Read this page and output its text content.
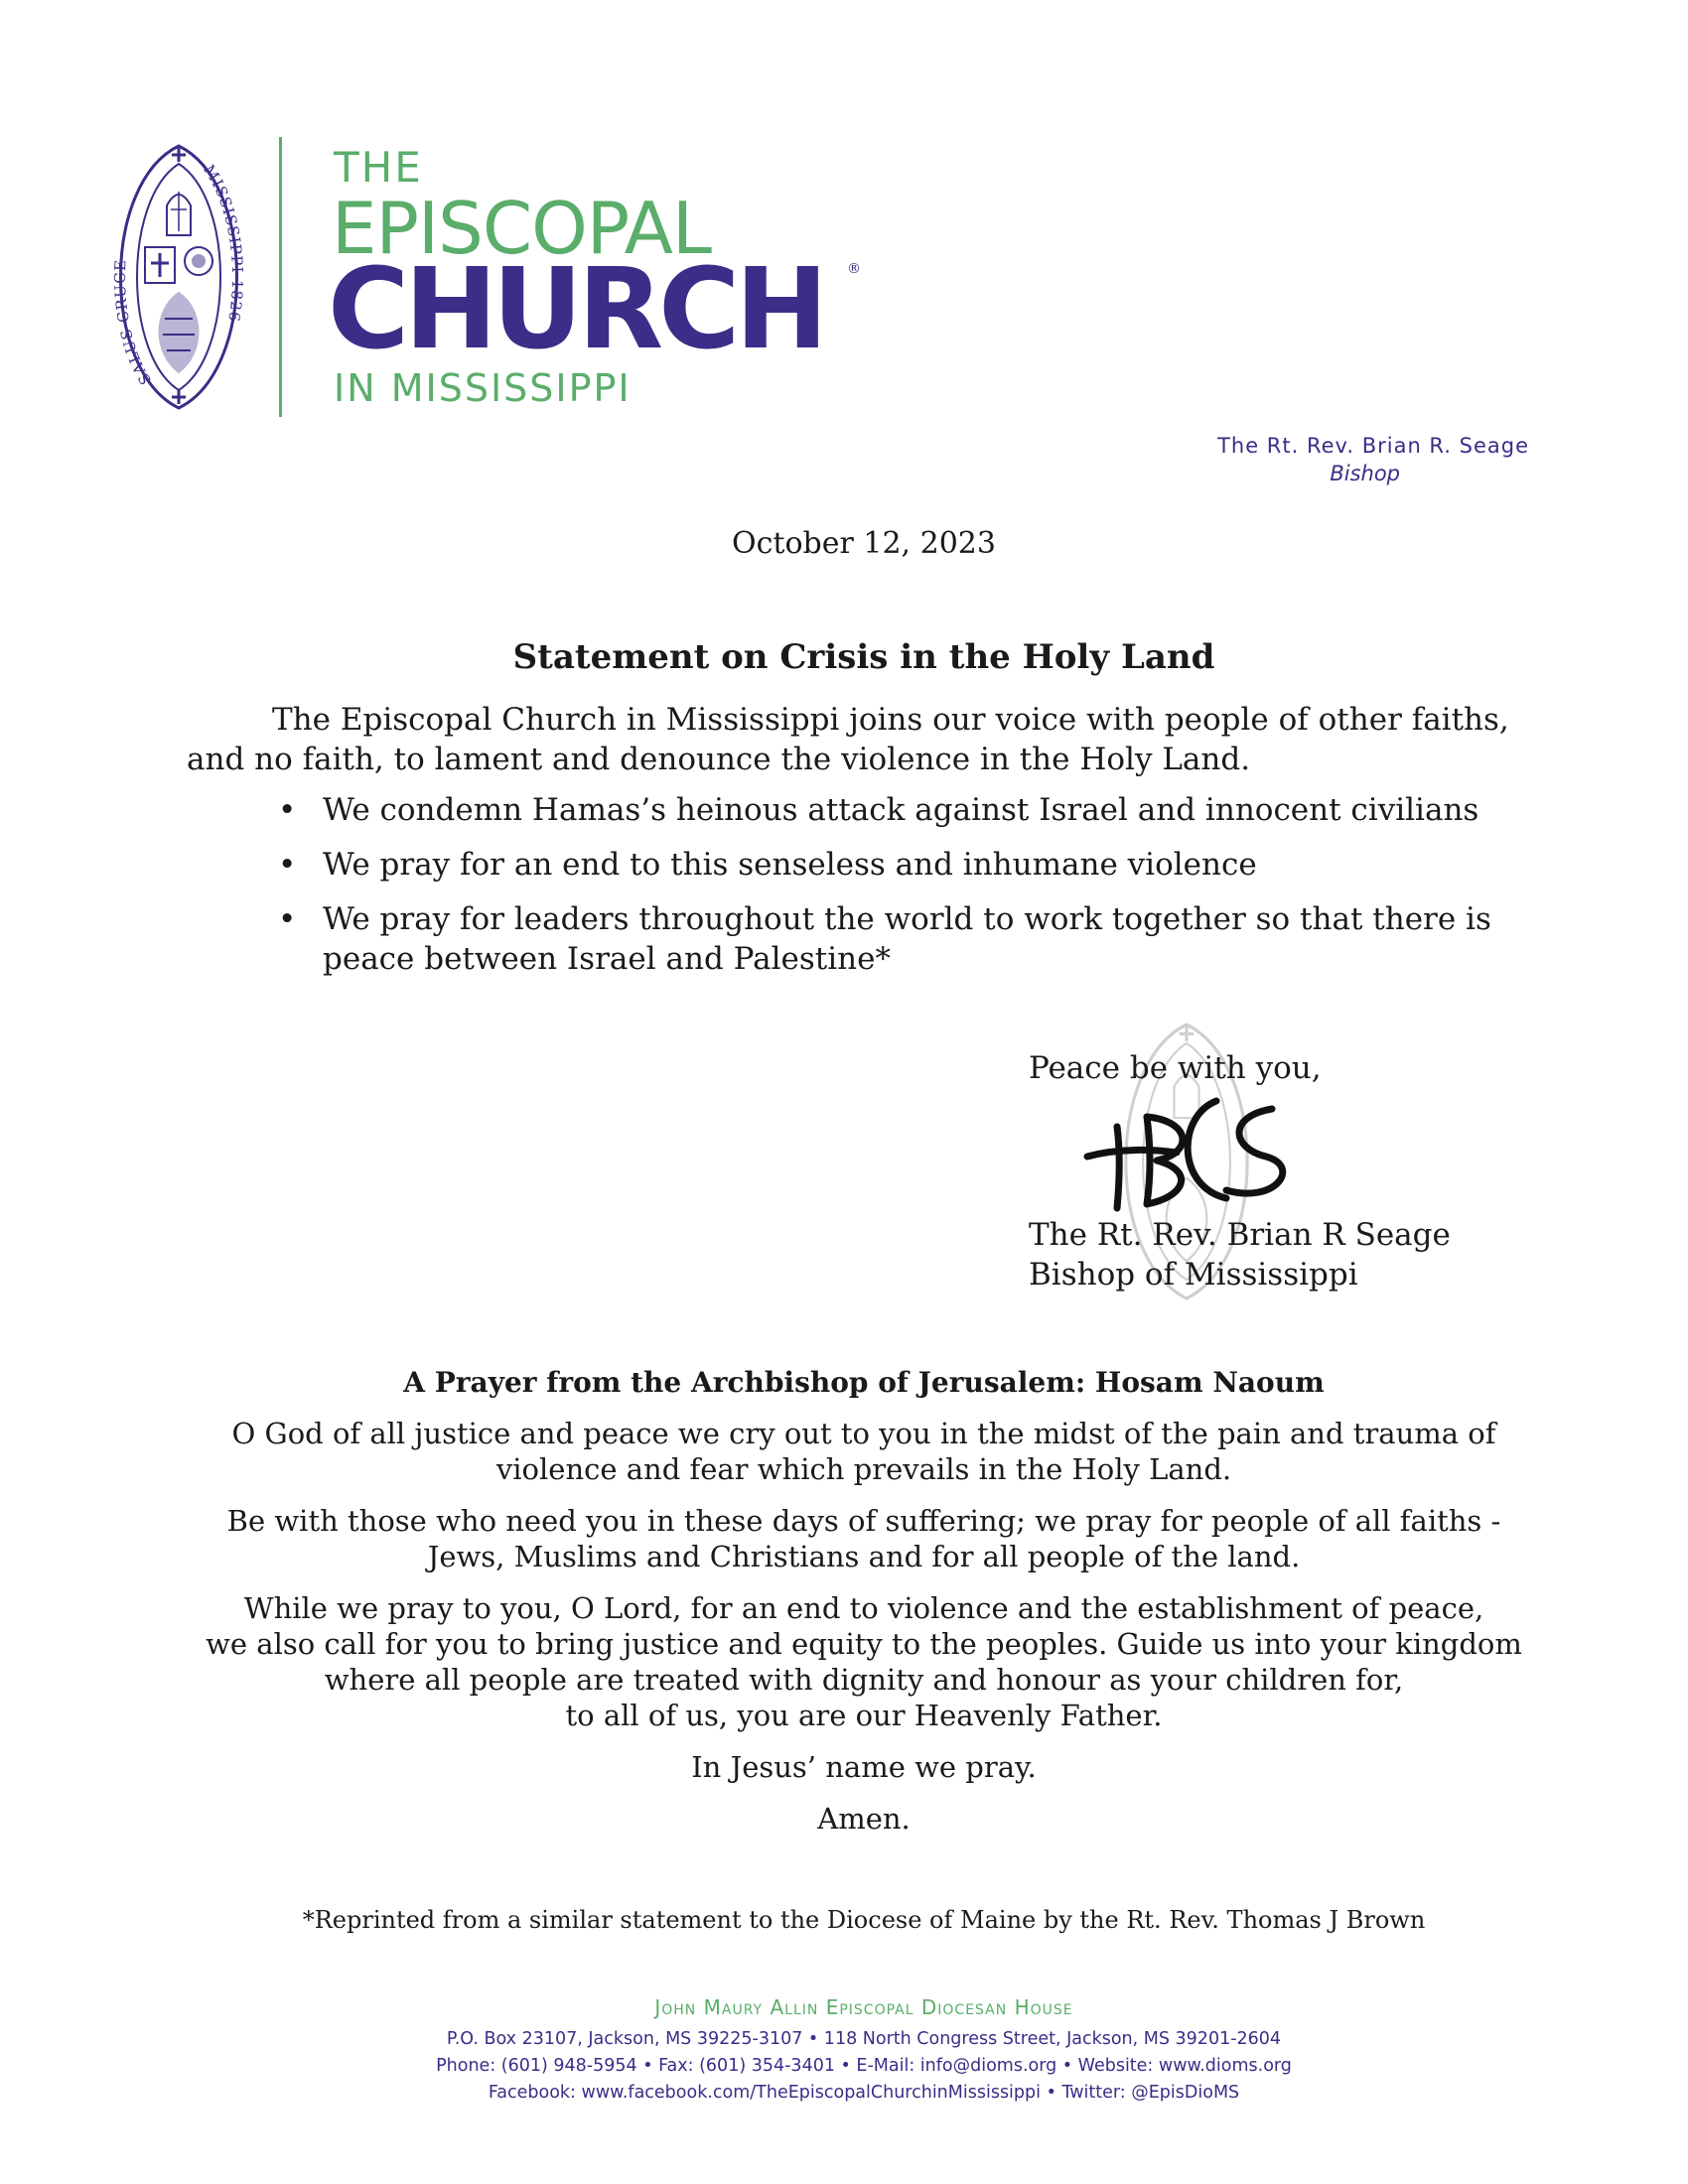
SALUS CRUCE
MISSISSIPPI 1826
THE
EPISCOPAL
CHURCH ®
IN MISSISSIPPI
The Rt. Rev. Brian R. Seage
Bishop
October 12, 2023
Statement on Crisis in the Holy Land
The Episcopal Church in Mississippi joins our voice with people of other faiths, and no faith, to lament and denounce the violence in the Holy Land.
• We condemn Hamas’s heinous attack against Israel and innocent civilians
• We pray for an end to this senseless and inhumane violence
• We pray for leaders throughout the world to work together so that there is peace between Israel and Palestine*
Peace be with you,
The Rt. Rev. Brian R Seage
Bishop of Mississippi
A Prayer from the Archbishop of Jerusalem: Hosam Naoum

O God of all justice and peace we cry out to you in the midst of the pain and trauma of
violence and fear which prevails in the Holy Land.

Be with those who need you in these days of suffering; we pray for people of all faiths -
Jews, Muslims and Christians and for all people of the land.

While we pray to you, O Lord, for an end to violence and the establishment of peace,
we also call for you to bring justice and equity to the peoples. Guide us into your kingdom
where all people are treated with dignity and honour as your children for,
to all of us, you are our Heavenly Father.

In Jesus’ name we pray.

Amen.

*Reprinted from a similar statement to the Diocese of Maine by the Rt. Rev. Thomas J Brown
John Maury Allin Episcopal Diocesan House
P.O. Box 23107, Jackson, MS 39225-3107 • 118 North Congress Street, Jackson, MS 39201-2604
Phone: (601) 948-5954 • Fax: (601) 354-3401 • E-Mail: info@dioms.org • Website: www.dioms.org
Facebook: www.facebook.com/TheEpiscopalChurchinMississippi • Twitter: @EpisDioMS
